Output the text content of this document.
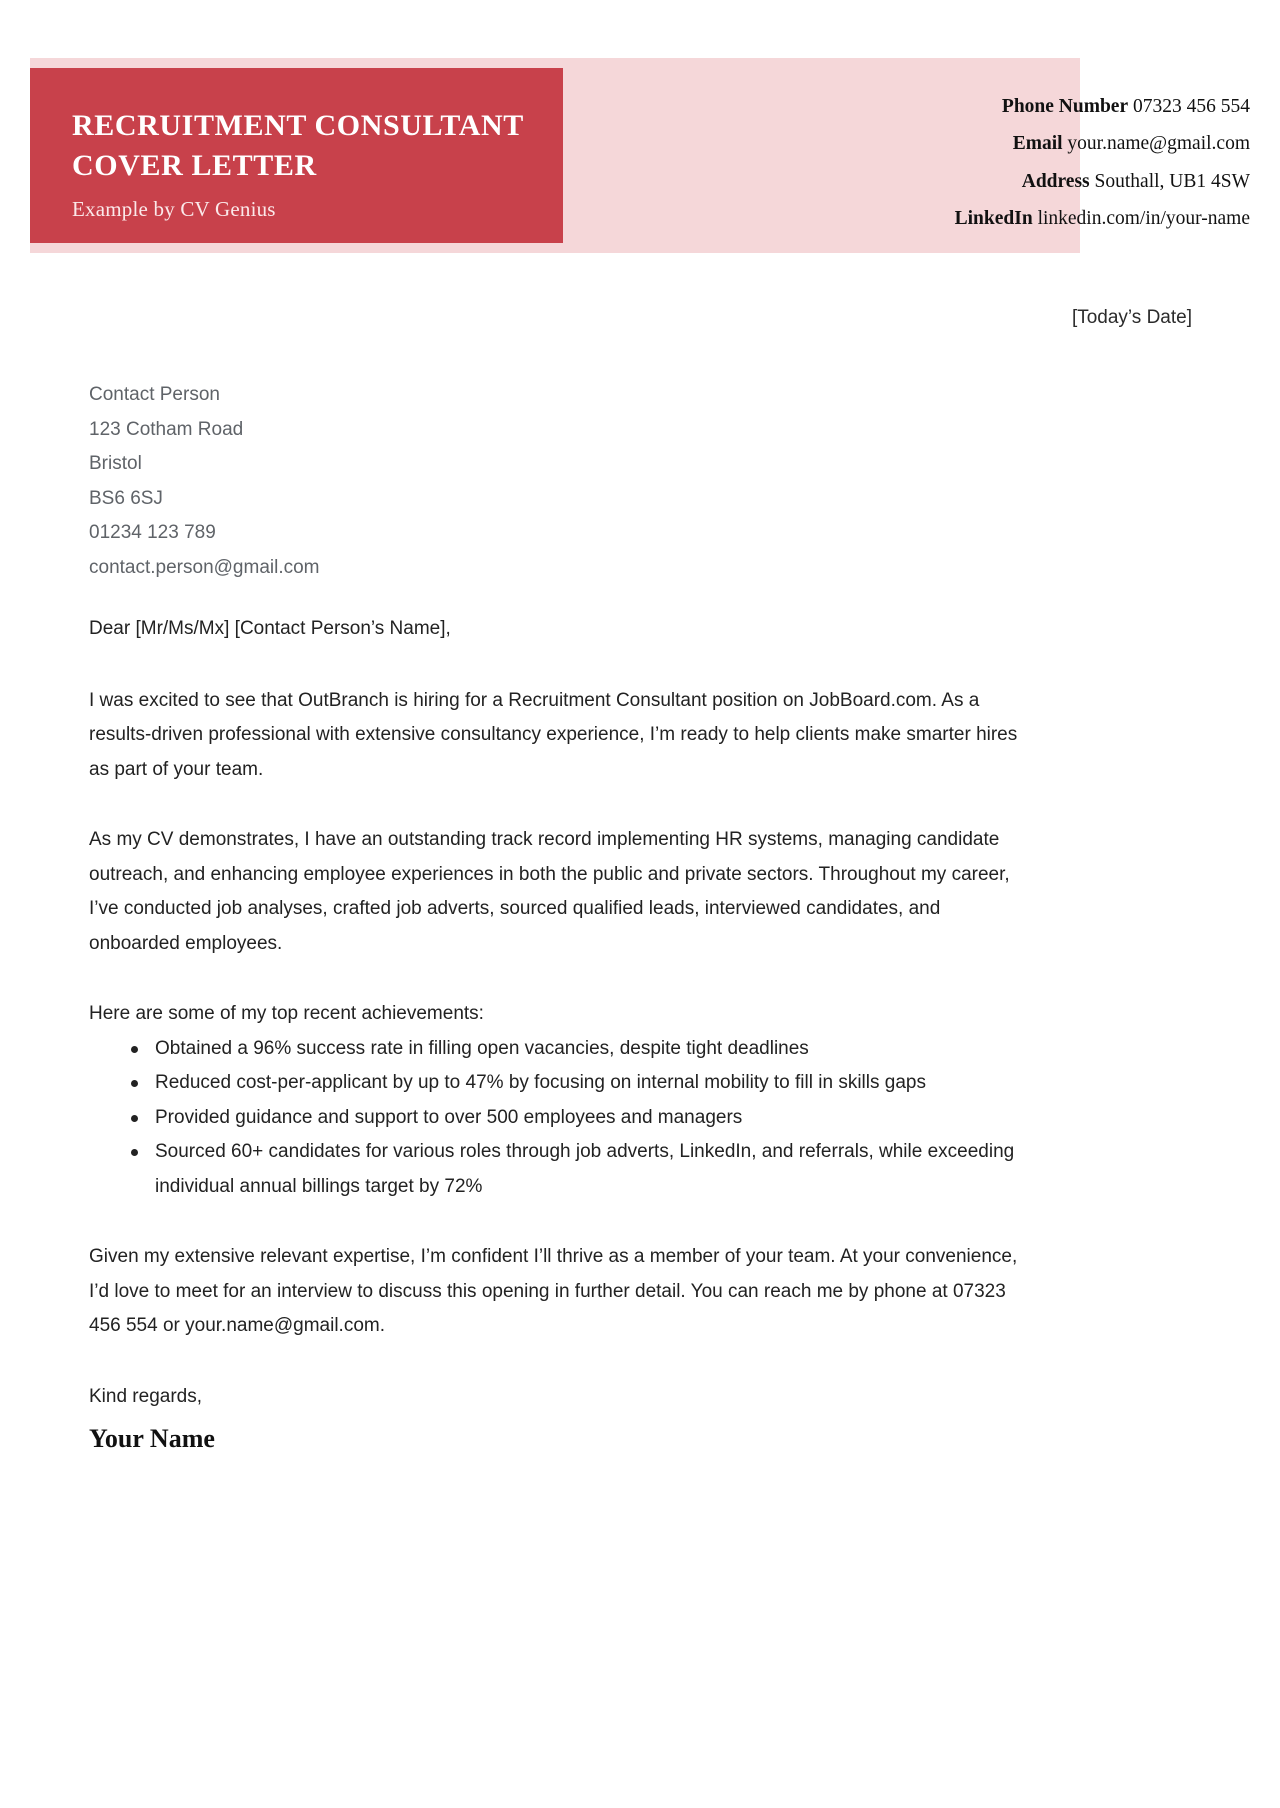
RECRUITMENT CONSULTANT
COVER LETTER
Example by CV Genius
Phone Number 07323 456 554
Email your.name@gmail.com
Address Southall, UB1 4SW
LinkedIn linkedin.com/in/your-name
[Today’s Date]
Contact Person
123 Cotham Road
Bristol
BS6 6SJ
01234 123 789
contact.person@gmail.com

Dear [Mr/Ms/Mx] [Contact Person’s Name],

I was excited to see that OutBranch is hiring for a Recruitment Consultant position on JobBoard.com. As a results-driven professional with extensive consultancy experience, I’m ready to help clients make smarter hires as part of your team.

As my CV demonstrates, I have an outstanding track record implementing HR systems, managing candidate outreach, and enhancing employee experiences in both the public and private sectors. Throughout my career, I’ve conducted job analyses, crafted job adverts, sourced qualified leads, interviewed candidates, and onboarded employees.

Here are some of my top recent achievements:

Obtained a 96% success rate in filling open vacancies, despite tight deadlines
Reduced cost-per-applicant by up to 47% by focusing on internal mobility to fill in skills gaps
Provided guidance and support to over 500 employees and managers
Sourced 60+ candidates for various roles through job adverts, LinkedIn, and referrals, while exceeding individual annual billings target by 72%

Given my extensive relevant expertise, I’m confident I’ll thrive as a member of your team. At your convenience, I’d love to meet for an interview to discuss this opening in further detail. You can reach me by phone at 07323 456 554 or your.name@gmail.com.

Kind regards,

Your Name
